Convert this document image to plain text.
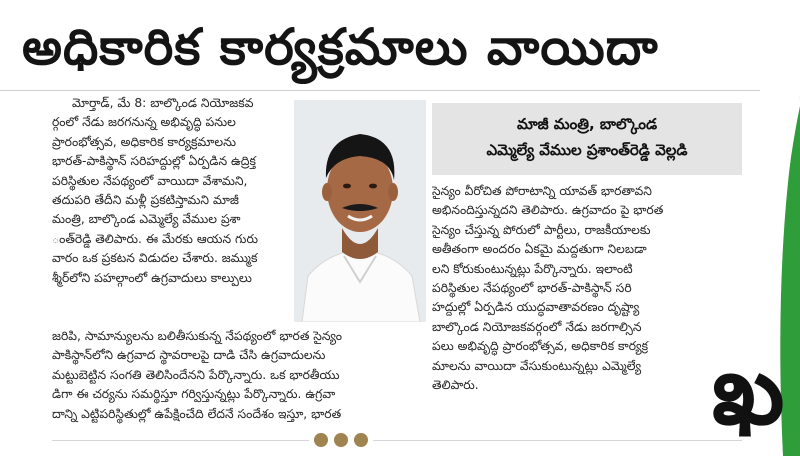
అధికారిక కార్యక్రమాలు వాయిదా

మోర్తాడ్, మే 8: బాల్కొండ నియోజకవ

ర్గంలో నేడు జరగనున్న అభివృద్ధి పనుల

ప్రారంభోత్సవ, అధికారిక కార్యక్రమాలను

భారత్-పాకిస్థాన్ సరిహద్దుల్లో ఏర్పడిన ఉద్రిక్త

పరిస్థితుల నేపథ్యంలో వాయిదా వేశామని,

తదుపరి తేదీని మళ్లీ ప్రకటిస్తామని మాజీ

మంత్రి, బాల్కొండ ఎమ్మెల్యే వేముల ప్రశా

ంత్‌రెడ్డి తెలిపారు. ఈ మేరకు ఆయన గురు

వారం ఒక ప్రకటన విడుదల చేశారు. జమ్ముక

శ్మీర్‌లోని పహల్గాంలో ఉగ్రవాదులు కాల్పులు

మాజీ మంత్రి, బాల్కొండ
ఎమ్మెల్యే వేముల ప్రశాంత్‌రెడ్డి వెల్లడి

సైన్యం వీరోచిత పోరాటాన్ని యావత్ భారతావని

అభినందిస్తున్నదని తెలిపారు. ఉగ్రవాదం పై భారత

సైన్యం చేస్తున్న పోరులో పార్టీలు, రాజకీయాలకు

అతీతంగా అందరం ఏకమై మద్దతుగా నిలబడా

లని కోరుకుంటున్నట్లు పేర్కొన్నారు. ఇలాంటి

పరిస్థితుల నేపథ్యంలో భారత్-పాకిస్థాన్ సరి

హద్దుల్లో ఏర్పడిన యుద్ధవాతావరణం దృష్ట్యా

బాల్కొండ నియోజకవర్గంలో నేడు జరగాల్సిన

పలు అభివృద్ధి ప్రారంభోత్సవ, అధికారిక కార్యక్ర

మాలను వాయిదా వేసుకుంటున్నట్లు ఎమ్మెల్యే

తెలిపారు.

జరిపి, సామాన్యులను బలితీసుకున్న నేపథ్యంలో భారత సైన్యం

పాకిస్థాన్‌లోని ఉగ్రవాద స్థావరాలపై దాడి చేసి ఉగ్రవాదులను

మట్టుబెట్టిన సంగతి తెలిసిందేనని పేర్కొన్నారు. ఒక భారతీయు

డిగా ఈ చర్యను సమర్థిస్తూ గర్విస్తున్నట్లు పేర్కొన్నారు. ఉగ్రవా

దాన్ని ఎట్టిపరిస్థితుల్లో ఉపేక్షించేది లేదనే సందేశం ఇస్తూ, భారత	ఖ
